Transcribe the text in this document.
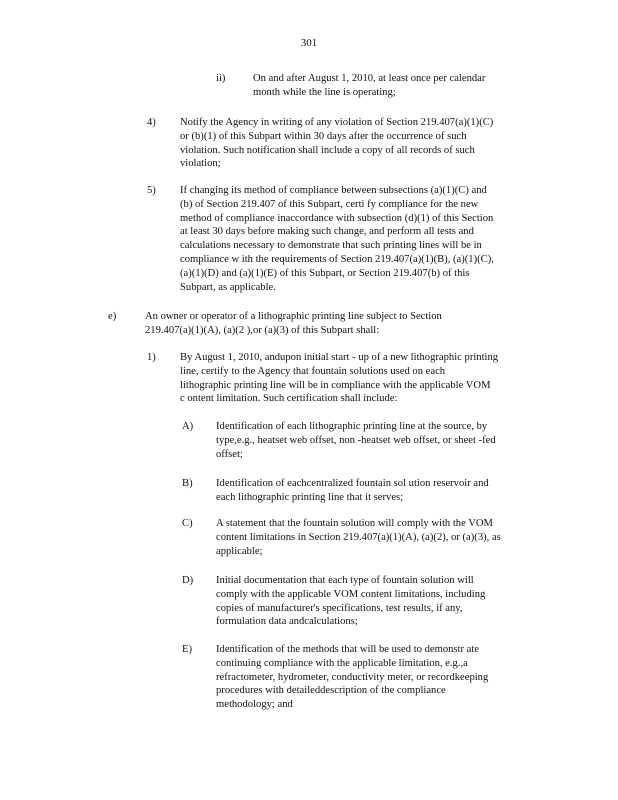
301
ii)	On and after August 1, 2010, at least once per calendar
month while the line is operating;
4) Notify the Agency in writing of any violation of Section 219.407(a)(1)(C)
or (b)(1) of this Subpart within 30 days after the occurrence of such
violation. Such notification shall include a copy of all records of such
violation;
5) If changing its method of compliance between subsections (a)(1)(C) and
(b) of Section 219.407 of this Subpart, certi fy compliance for the new
method of compliance inaccordance with subsection (d)(1) of this Section
at least 30 days before making such change, and perform all tests and
calculations necessary to demonstrate that such printing lines will be in
compliance w ith the requirements of Section 219.407(a)(1)(B), (a)(1)(C),
(a)(1)(D) and (a)(1)(E) of this Subpart, or Section 219.407(b) of this
Subpart, as applicable.
e)	An owner or operator of a lithographic printing line subject to Section
219.407(a)(1)(A), (a)(2 ),or (a)(3) of this Subpart shall:
1) By August 1, 2010, andupon initial start - up of a new lithographic printing
line, certify to the Agency that fountain solutions used on each
lithographic printing line will be in compliance with the applicable VOM
c ontent limitation. Such certification shall include:
A) Identification of each lithographic printing line at the source, by
type,e.g., heatset web offset, non -heatset web offset, or sheet -fed
offset;
B) Identification of eachcentralized fountain sol ution reservoir and
each lithographic printing line that it serves;
C) A statement that the fountain solution will comply with the VOM
content limitations in Section 219.407(a)(1)(A), (a)(2), or (a)(3), as
applicable;
D) Initial documentation that each type of fountain solution will
comply with the applicable VOM content limitations, including
copies of manufacturer's specifications, test results, if any,
formulation data andcalculations;
E) Identification of the methods that will be used to demonstr ate
continuing compliance with the applicable limitation, e.g.,a
refractometer, hydrometer, conductivity meter, or recordkeeping
procedures with detaileddescription of the compliance
methodology; and
